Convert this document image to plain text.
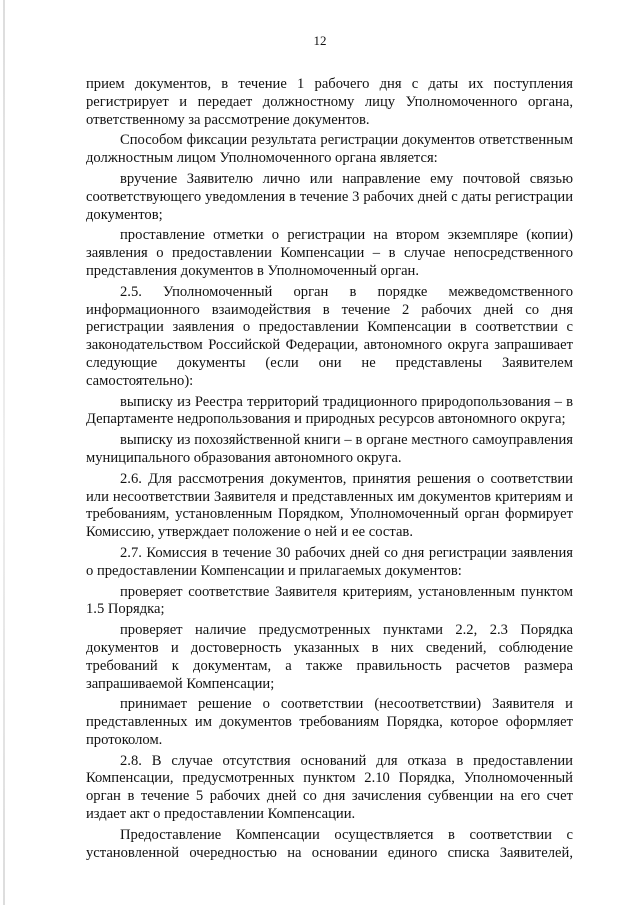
12

прием документов, в течение 1 рабочего дня с даты их поступления регистрирует и передает должностному лицу Уполномоченного органа, ответственному за рассмотрение документов.

Способом фиксации результата регистрации документов ответственным должностным лицом Уполномоченного органа является:

вручение Заявителю лично или направление ему почтовой связью соответствующего уведомления в течение 3 рабочих дней с даты регистрации документов;

проставление отметки о регистрации на втором экземпляре (копии) заявления о предоставлении Компенсации – в случае непосредственного представления документов в Уполномоченный орган.

2.5. Уполномоченный орган в порядке межведомственного информационного взаимодействия в течение 2 рабочих дней со дня регистрации заявления о предоставлении Компенсации в соответствии с законодательством Российской Федерации, автономного округа запрашивает следующие документы (если они не представлены Заявителем самостоятельно):

выписку из Реестра территорий традиционного природопользования – в Департаменте недропользования и природных ресурсов автономного округа;

выписку из похозяйственной книги – в органе местного самоуправления муниципального образования автономного округа.

2.6. Для рассмотрения документов, принятия решения о соответствии или несоответствии Заявителя и представленных им документов критериям и требованиям, установленным Порядком, Уполномоченный орган формирует Комиссию, утверждает положение о ней и ее состав.

2.7. Комиссия в течение 30 рабочих дней со дня регистрации заявления о предоставлении Компенсации и прилагаемых документов:

проверяет соответствие Заявителя критериям, установленным пунктом 1.5 Порядка;

проверяет наличие предусмотренных пунктами 2.2, 2.3 Порядка документов и достоверность указанных в них сведений, соблюдение требований к документам, а также правильность расчетов размера запрашиваемой Компенсации;

принимает решение о соответствии (несоответствии) Заявителя и представленных им документов требованиям Порядка, которое оформляет протоколом.

2.8. В случае отсутствия оснований для отказа в предоставлении Компенсации, предусмотренных пунктом 2.10 Порядка, Уполномоченный орган в течение 5 рабочих дней со дня зачисления субвенции на его счет издает акт о предоставлении Компенсации.

Предоставление Компенсации осуществляется в соответствии с установленной очередностью на основании единого списка Заявителей,
